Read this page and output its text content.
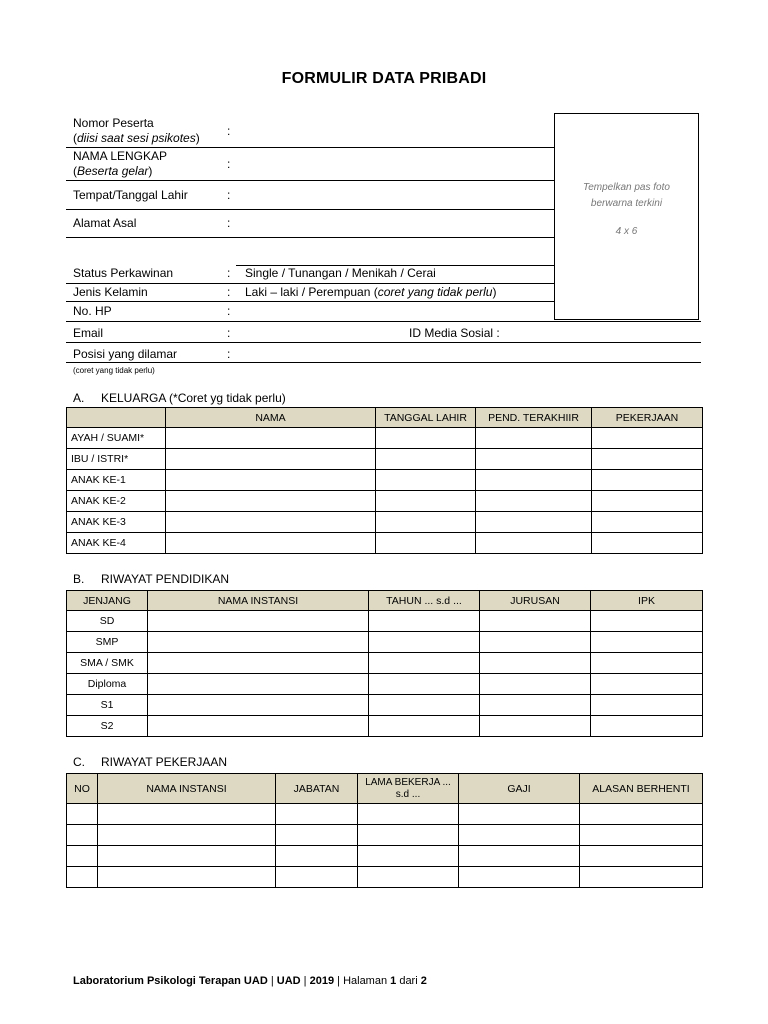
FORMULIR DATA PRIBADI
Nomor Peserta
(diisi saat sesi psikotes) :
NAMA LENGKAP
(Beserta gelar)	:
Tempat/Tanggal Lahir	:
Alamat Asal	:
Status Perkawinan	: Single / Tunangan / Menikah / Cerai
Jenis Kelamin	: Laki – laki / Perempuan (coret yang tidak perlu)
No. HP	:
Email	:	ID Media Sosial :
Posisi yang dilamar	:
(coret yang tidak perlu)
Tempelkan pas foto
berwarna terkini
4 x 6
A. KELUARGA (*Coret yg tidak perlu)
	NAMA	TANGGAL LAHIR	PEND. TERAKHIIR	PEKERJAAN
AYAH / SUAMI*				
IBU / ISTRI*				
ANAK KE-1				
ANAK KE-2				
ANAK KE-3				
ANAK KE-4				
B. RIWAYAT PENDIDIKAN
JENJANG	NAMA INSTANSI	TAHUN ... s.d ...	JURUSAN	IPK
SD				
SMP				
SMA / SMK				
Diploma				
S1				
S2				
C. RIWAYAT PEKERJAAN
NO	NAMA INSTANSI	JABATAN	LAMA BEKERJA ... s.d ...	GAJI	ALASAN BERHENTI

Laboratorium Psikologi Terapan UAD | UAD | 2019 | Halaman 1 dari 2
